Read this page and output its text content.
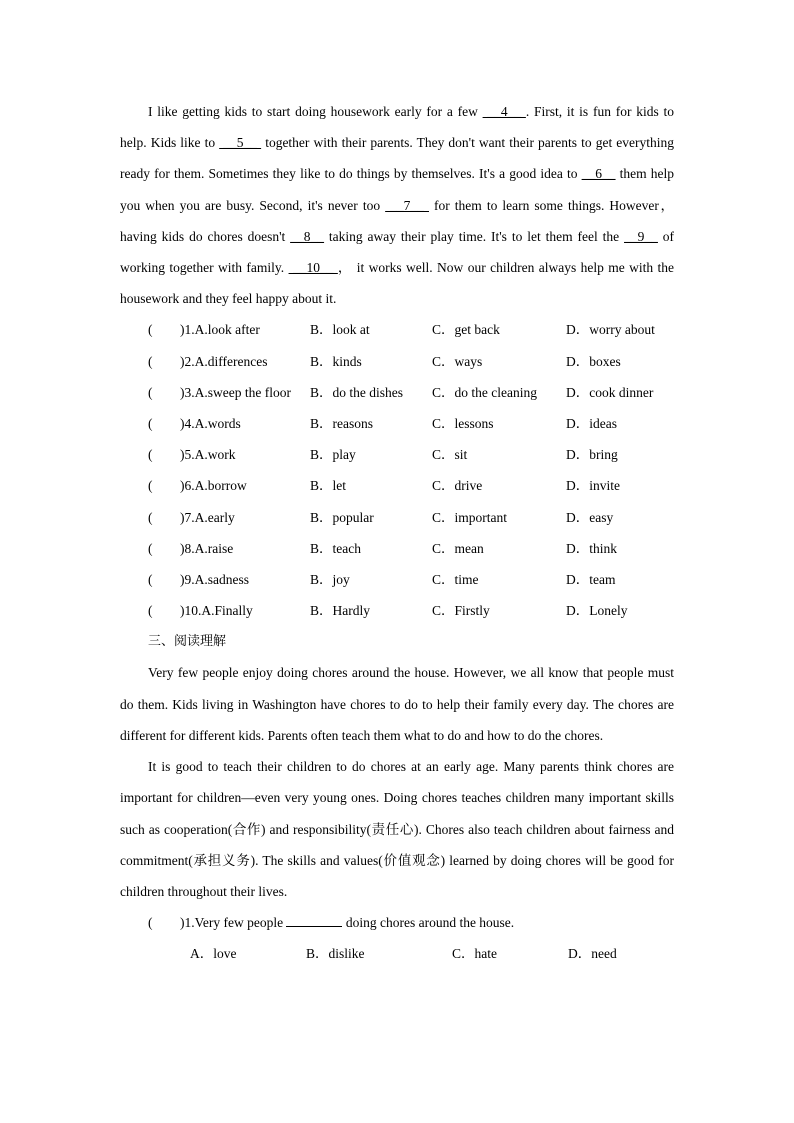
I like getting kids to start doing housework early for a few  __4__ . First, it is fun for kids to help. Kids like to  __5__  together with their parents. They don't want their parents to get everything ready for them. Sometimes they like to do things by themselves. It's a good idea to __6__ them help you when you are busy. Second, it's never too  __7__  for them to learn some things. However，having kids do chores doesn't __8__ taking away their play time. It's to let them feel the __9__ of working together with family.  __10__ ， it works well. Now our children always help me with the housework and they feel happy about it.

( )1.A.look after	B．look at	C．get back	D．worry about
( )2.A.differences	B．kinds	C．ways	D．boxes
( )3.A.sweep the floor B．do the dishes C．do the cleaning D．cook dinner
( )4.A.words	B．reasons	C．lessons	D．ideas
( )5.A.work	B．play	C．sit	D．bring
( )6.A.borrow	B．let	C．drive	D．invite
( )7.A.early	B．popular	C．important	D．easy
( )8.A.raise	B．teach	C．mean	D．think
( )9.A.sadness	B．joy	C．time	D．team
( )10.A.Finally	B．Hardly	C．Firstly	D．Lonely
三、阅读理解

Very few people enjoy doing chores around the house. However, we all know that people must do them. Kids living in Washington have chores to do to help their family every day. The chores are different for different kids. Parents often teach them what to do and how to do the chores.

It is good to teach their children to do chores at an early age. Many parents think chores are important for children—even very young ones. Doing chores teaches children many important skills such as cooperation(合作) and responsibility(责任心). Chores also teach children about fairness and commitment(承担义务). The skills and values(价值观念) learned by doing chores will be good for children throughout their lives.

( )1.Very few people	doing chores around the house.
A．love	B．dislike	C．hate	D．need
